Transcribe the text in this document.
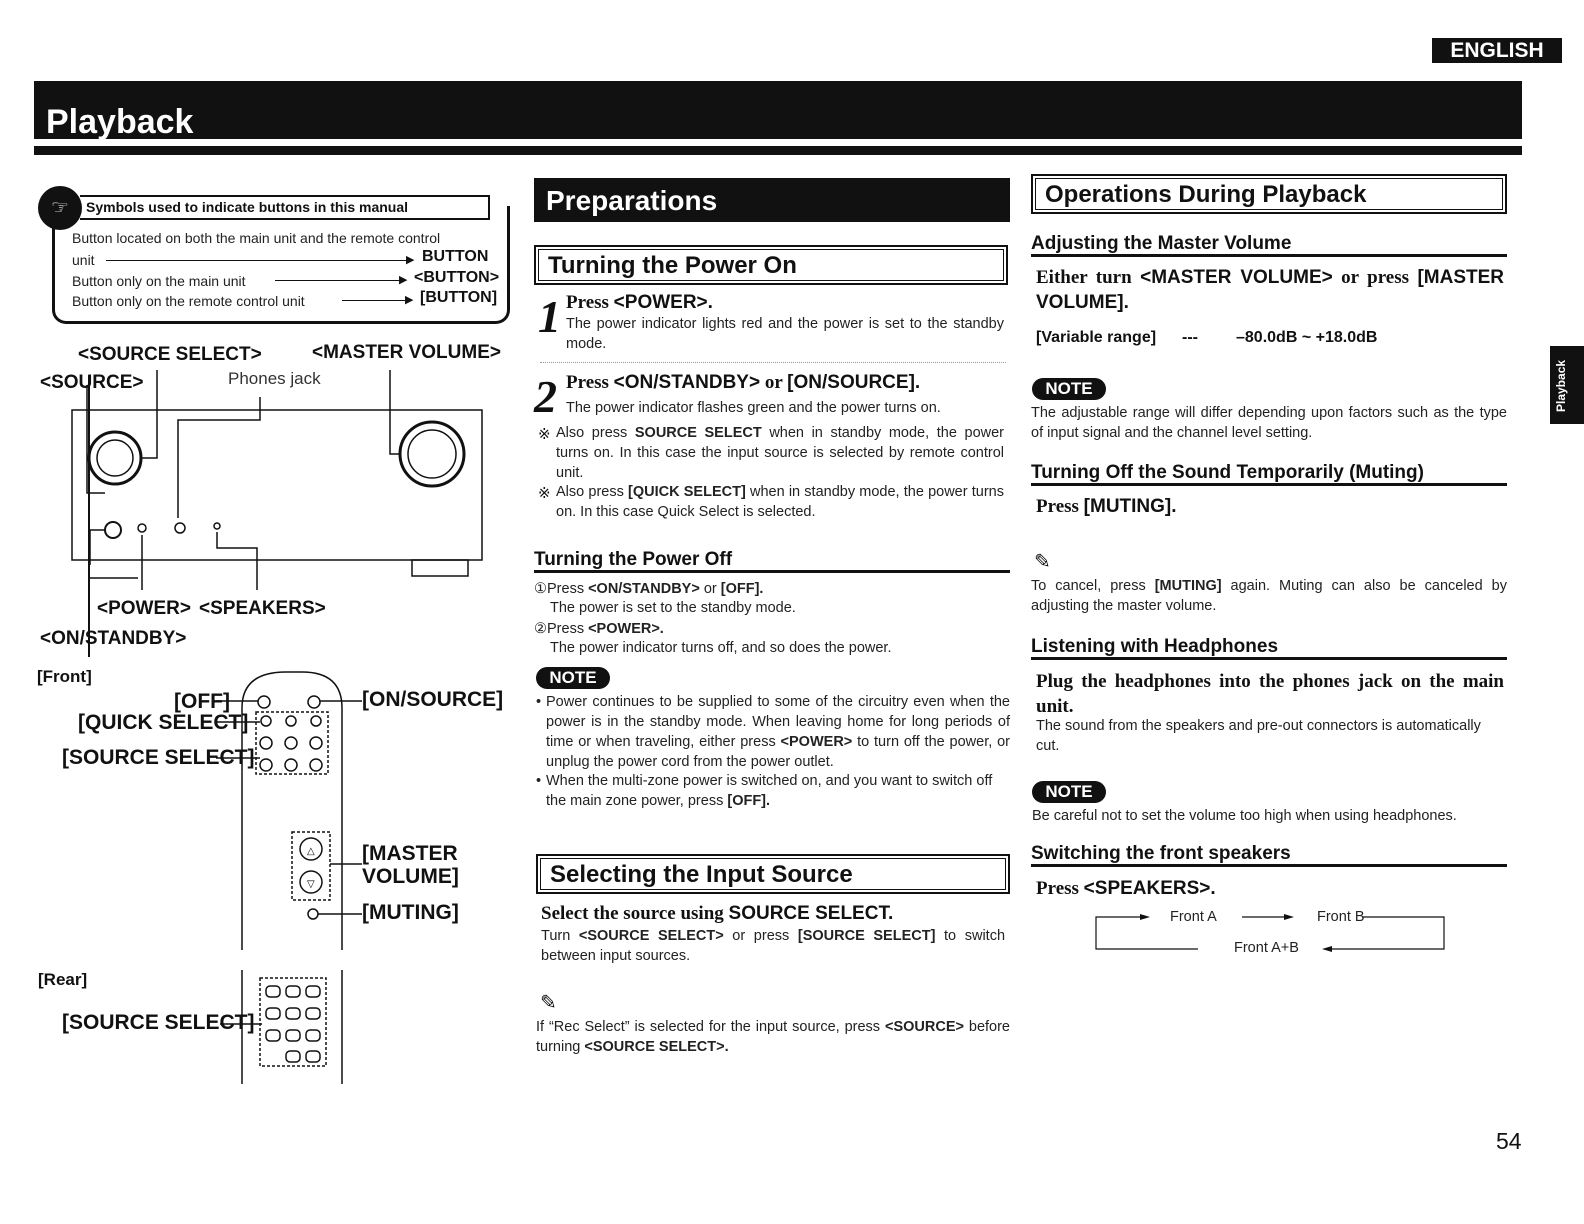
ENGLISH
Playback
Playback
☞	Symbols used to indicate buttons in this manual
Button located on both the main unit and the remote control
unit	▶ BUTTON
Button only on the main unit	▶ <BUTTON>
Button only on the remote control unit	▶ [BUTTON]
<SOURCE SELECT>	<MASTER VOLUME>
<SOURCE>	Phones jack
<POWER> <SPEAKERS>
<ON/STANDBY>
[Front]
[OFF]
[QUICK SELECT]
[SOURCE SELECT]
[ON/SOURCE]
[MASTER
VOLUME]
[MUTING]
△
▽
[Rear]
[SOURCE SELECT]
Preparations
Turning the Power On
1 Press <POWER>.
The power indicator lights red and the power is set to the standby mode.
2 Press <ON/STANDBY> or [ON/SOURCE].
The power indicator flashes green and the power turns on.
※ Also press SOURCE SELECT when in standby mode, the power turns on. In this case the input source is selected by remote control unit.
※ Also press [QUICK SELECT] when in standby mode, the power turns on. In this case Quick Select is selected.
Turning the Power Off
①Press <ON/STANDBY> or [OFF].
The power is set to the standby mode.
②Press <POWER>.
The power indicator turns off, and so does the power.
NOTE
• Power continues to be supplied to some of the circuitry even when the power is in the standby mode. When leaving home for long periods of time or when traveling, either press <POWER> to turn off the power, or unplug the power cord from the power outlet.
• When the multi-zone power is switched on, and you want to switch off the main zone power, press [OFF].
Selecting the Input Source
Select the source using SOURCE SELECT.
Turn <SOURCE SELECT> or press [SOURCE SELECT] to switch between input sources.
✎
If “Rec Select” is selected for the input source, press <SOURCE> before turning <SOURCE SELECT>.
Operations During Playback
Adjusting the Master Volume
Either turn <MASTER VOLUME> or press [MASTER VOLUME].
[Variable range] --- –80.0dB ~ +18.0dB
NOTE
The adjustable range will differ depending upon factors such as the type of input signal and the channel level setting.
Turning Off the Sound Temporarily (Muting)
Press [MUTING].
✎
To cancel, press [MUTING] again. Muting can also be canceled by adjusting the master volume.
Listening with Headphones
Plug the headphones into the phones jack on the main unit.
The sound from the speakers and pre-out connectors is automatically cut.
NOTE
Be careful not to set the volume too high when using headphones.
Switching the front speakers
Press <SPEAKERS>.
Front A	Front B
Front A+B
54
